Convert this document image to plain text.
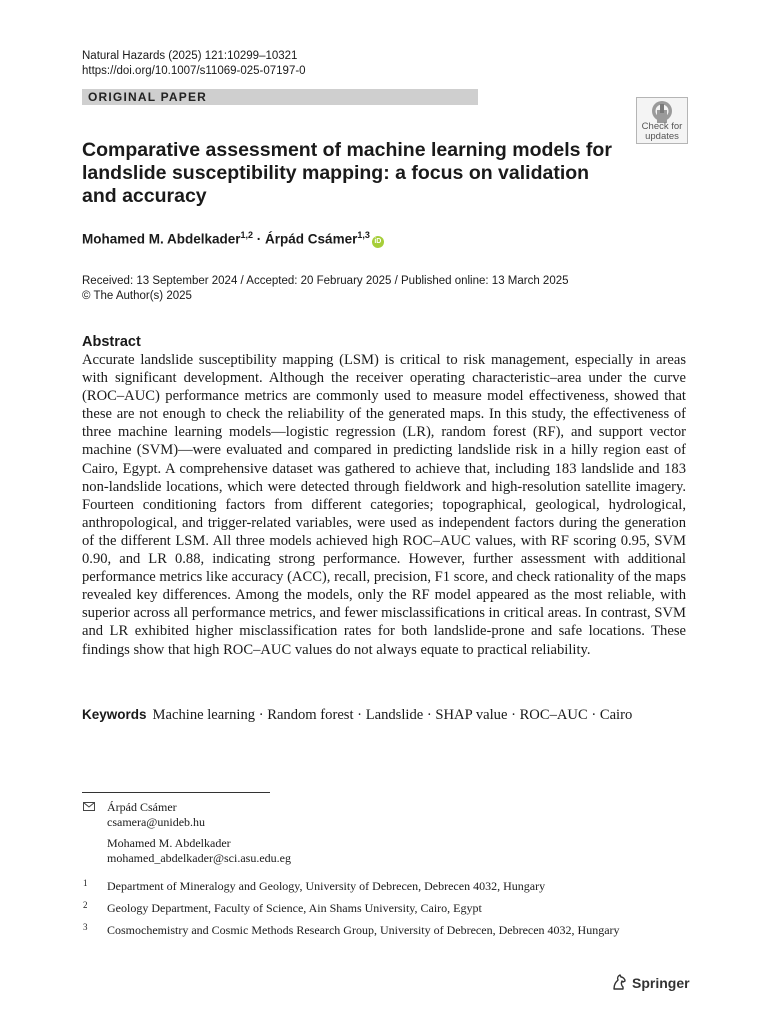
Natural Hazards (2025) 121:10299–10321
https://doi.org/10.1007/s11069-025-07197-0
ORIGINAL PAPER
Check for updates
Comparative assessment of machine learning models for landslide susceptibility mapping: a focus on validation and accuracy
Mohamed M. Abdelkader$^{1,2}$ · Árpád Csámer$^{1,3}$iD
Received: 13 September 2024 / Accepted: 20 February 2025 / Published online: 13 March 2025
© The Author(s) 2025
Abstract

Accurate landslide susceptibility mapping (LSM) is critical to risk management, especially in areas with significant development. Although the receiver operating characteristic–area under the curve (ROC–AUC) performance metrics are commonly used to measure model effectiveness, showed that these are not enough to check the reliability of the generated maps. In this study, the effectiveness of three machine learning models—logistic regression (LR), random forest (RF), and support vector machine (SVM)—were evaluated and compared in predicting landslide risk in a hilly region east of Cairo, Egypt. A comprehensive dataset was gathered to achieve that, including 183 landslide and 183 non-landslide locations, which were detected through fieldwork and high-resolution satellite imagery. Fourteen conditioning factors from different categories; topographical, geological, hydrological, anthropological, and trigger-related variables, were used as independent factors during the generation of the different LSM. All three models achieved high ROC–AUC values, with RF scoring 0.95, SVM 0.90, and LR 0.88, indicating strong performance. However, further assessment with additional performance metrics like accuracy (ACC), recall, precision, F1 score, and check rationality of the maps revealed key differences. Among the models, only the RF model appeared as the most reliable, with superior across all performance metrics, and fewer misclassifications in critical areas. In contrast, SVM and LR exhibited higher misclassification rates for both landslide-prone and safe locations. These findings show that high ROC–AUC values do not always equate to practical reliability.

Keywords Machine learning · Random forest · Landslide · SHAP value · ROC–AUC · Cairo
Árpád Csámer
csamera@unideb.hu
Mohamed M. Abdelkader
mohamed_abdelkader@sci.asu.edu.eg
1 Department of Mineralogy and Geology, University of Debrecen, Debrecen 4032, Hungary
2 Geology Department, Faculty of Science, Ain Shams University, Cairo, Egypt
3 Cosmochemistry and Cosmic Methods Research Group, University of Debrecen, Debrecen 4032, Hungary
Springer
